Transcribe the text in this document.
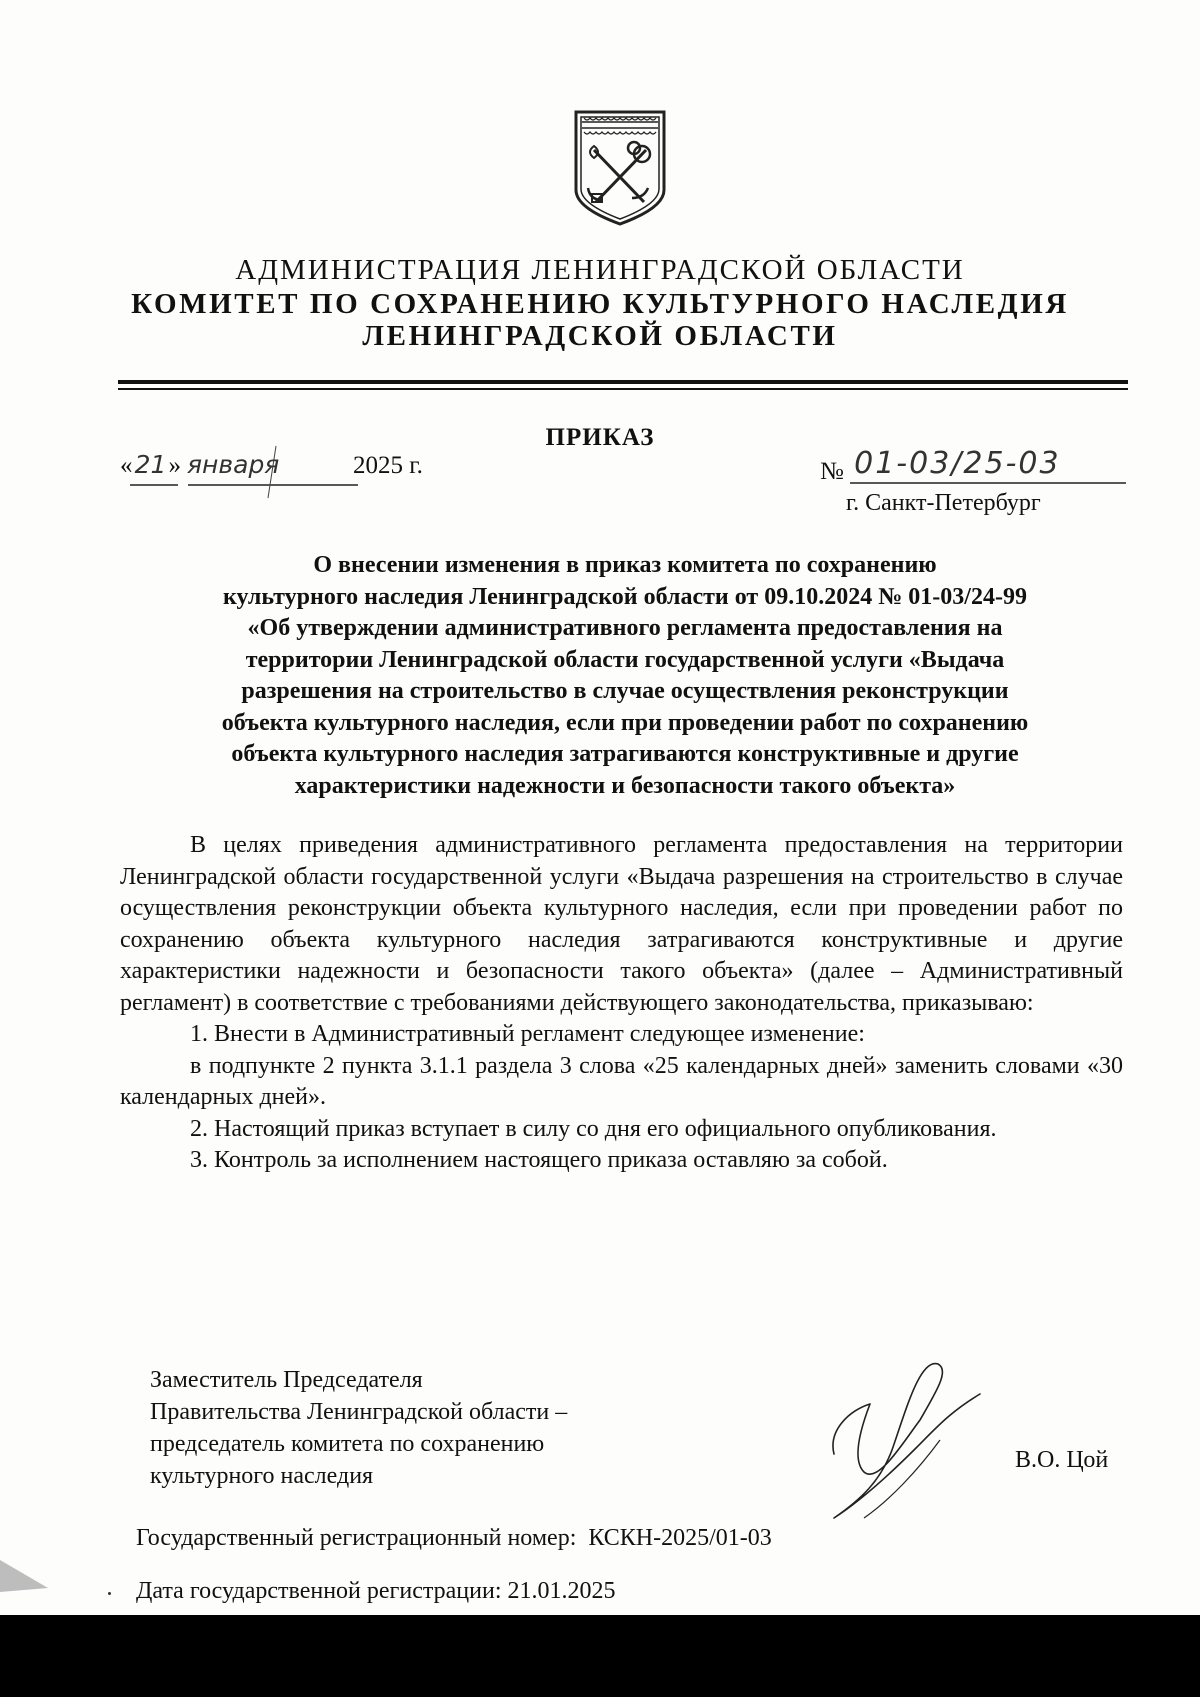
АДМИНИСТРАЦИЯ ЛЕНИНГРАДСКОЙ ОБЛАСТИ
КОМИТЕТ ПО СОХРАНЕНИЮ КУЛЬТУРНОГО НАСЛЕДИЯ
ЛЕНИНГРАДСКОЙ ОБЛАСТИ
ПРИКАЗ
«21» января	2025 г.	№ 01-03/25-03
г. Санкт-Петербург
О внесении изменения в приказ комитета по сохранению
культурного наследия Ленинградской области от 09.10.2024 № 01-03/24-99
«Об утверждении административного регламента предоставления на
территории Ленинградской области государственной услуги «Выдача
разрешения на строительство в случае осуществления реконструкции
объекта культурного наследия, если при проведении работ по сохранению
объекта культурного наследия затрагиваются конструктивные и другие
характеристики надежности и безопасности такого объекта»

В целях приведения административного регламента предоставления на территории Ленинградской области государственной услуги «Выдача разрешения на строительство в случае осуществления реконструкции объекта культурного наследия, если при проведении работ по сохранению объекта культурного наследия затрагиваются конструктивные и другие характеристики надежности и безопасности такого объекта» (далее – Административный регламент) в соответствие с требованиями действующего законодательства, приказываю:

1. Внести в Административный регламент следующее изменение:

в подпункте 2 пункта 3.1.1 раздела 3 слова «25 календарных дней» заменить словами «30 календарных дней».

2. Настоящий приказ вступает в силу со дня его официального опубликования.

3. Контроль за исполнением настоящего приказа оставляю за собой.

Заместитель Председателя
Правительства Ленинградской области –
председатель комитета по сохранению
культурного наследия
В.О. Цой
Государственный регистрационный номер: КСКН-2025/01-03
Дата государственной регистрации: 21.01.2025
